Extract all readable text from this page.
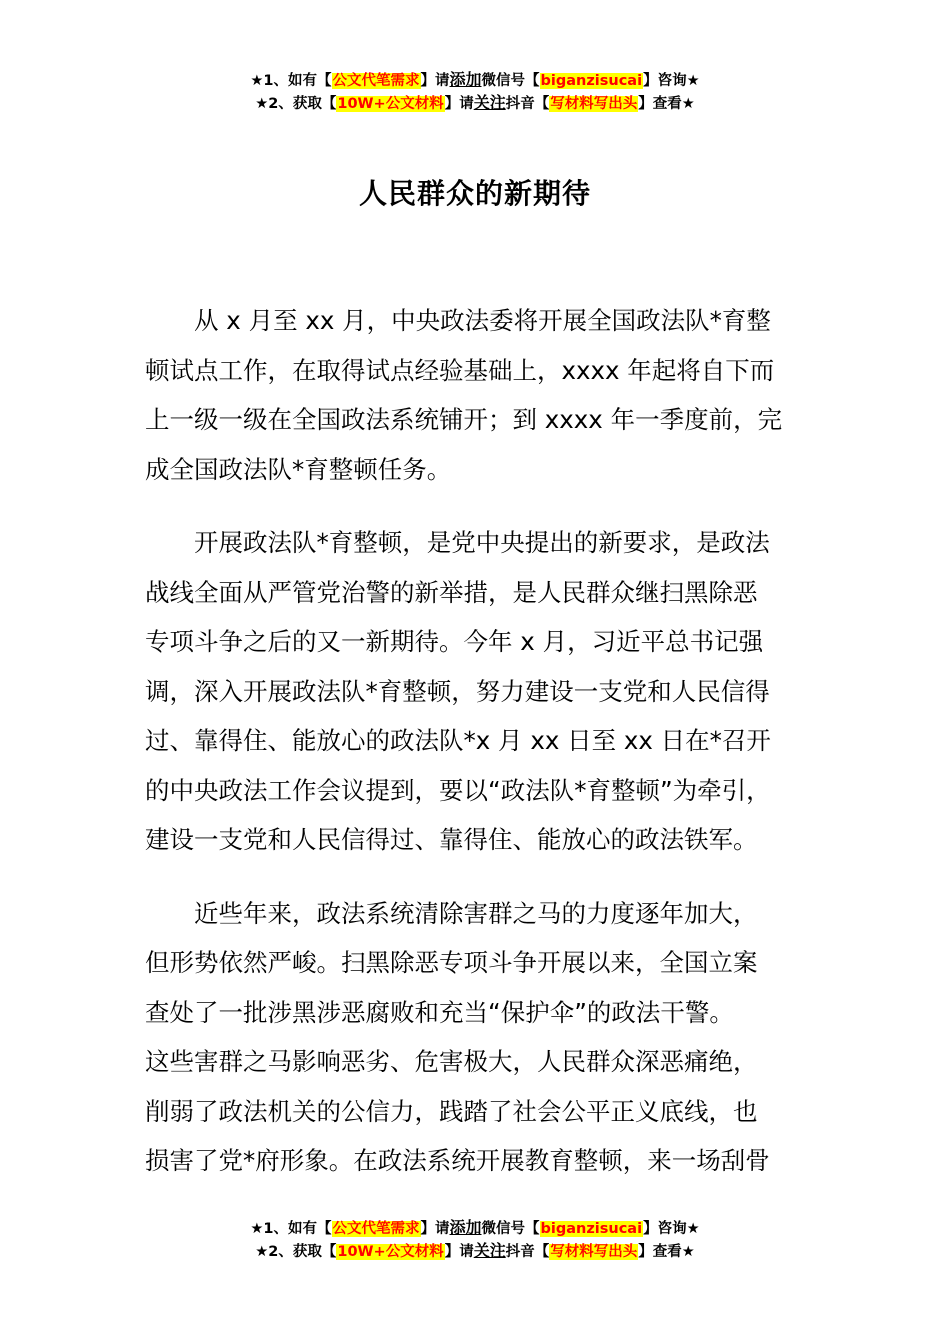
★1、如有【公文代笔需求】请添加微信号【biganzisucai】咨询★
★2、获取【10W+公文材料】请关注抖音【写材料写出头】查看★
人民群众的新期待

从 x 月至 xx 月，中央政法委将开展全国政法队*育整
顿试点工作，在取得试点经验基础上，xxxx 年起将自下而
上一级一级在全国政法系统铺开；到 xxxx 年一季度前，完
成全国政法队*育整顿任务。

开展政法队*育整顿，是党中央提出的新要求，是政法
战线全面从严管党治警的新举措，是人民群众继扫黑除恶
专项斗争之后的又一新期待。今年 x 月，习近平总书记强
调，深入开展政法队*育整顿，努力建设一支党和人民信得
过、靠得住、能放心的政法队*x 月 xx 日至 xx 日在*召开
的中央政法工作会议提到，要以“政法队*育整顿”为牵引，
建设一支党和人民信得过、靠得住、能放心的政法铁军。

近些年来，政法系统清除害群之马的力度逐年加大，
但形势依然严峻。扫黑除恶专项斗争开展以来，全国立案
查处了一批涉黑涉恶腐败和充当“保护伞”的政法干警。
这些害群之马影响恶劣、危害极大，人民群众深恶痛绝，
削弱了政法机关的公信力，践踏了社会公平正义底线，也
损害了党*府形象。在政法系统开展教育整顿，来一场刮骨

★1、如有【公文代笔需求】请添加微信号【biganzisucai】咨询★
★2、获取【10W+公文材料】请关注抖音【写材料写出头】查看★
